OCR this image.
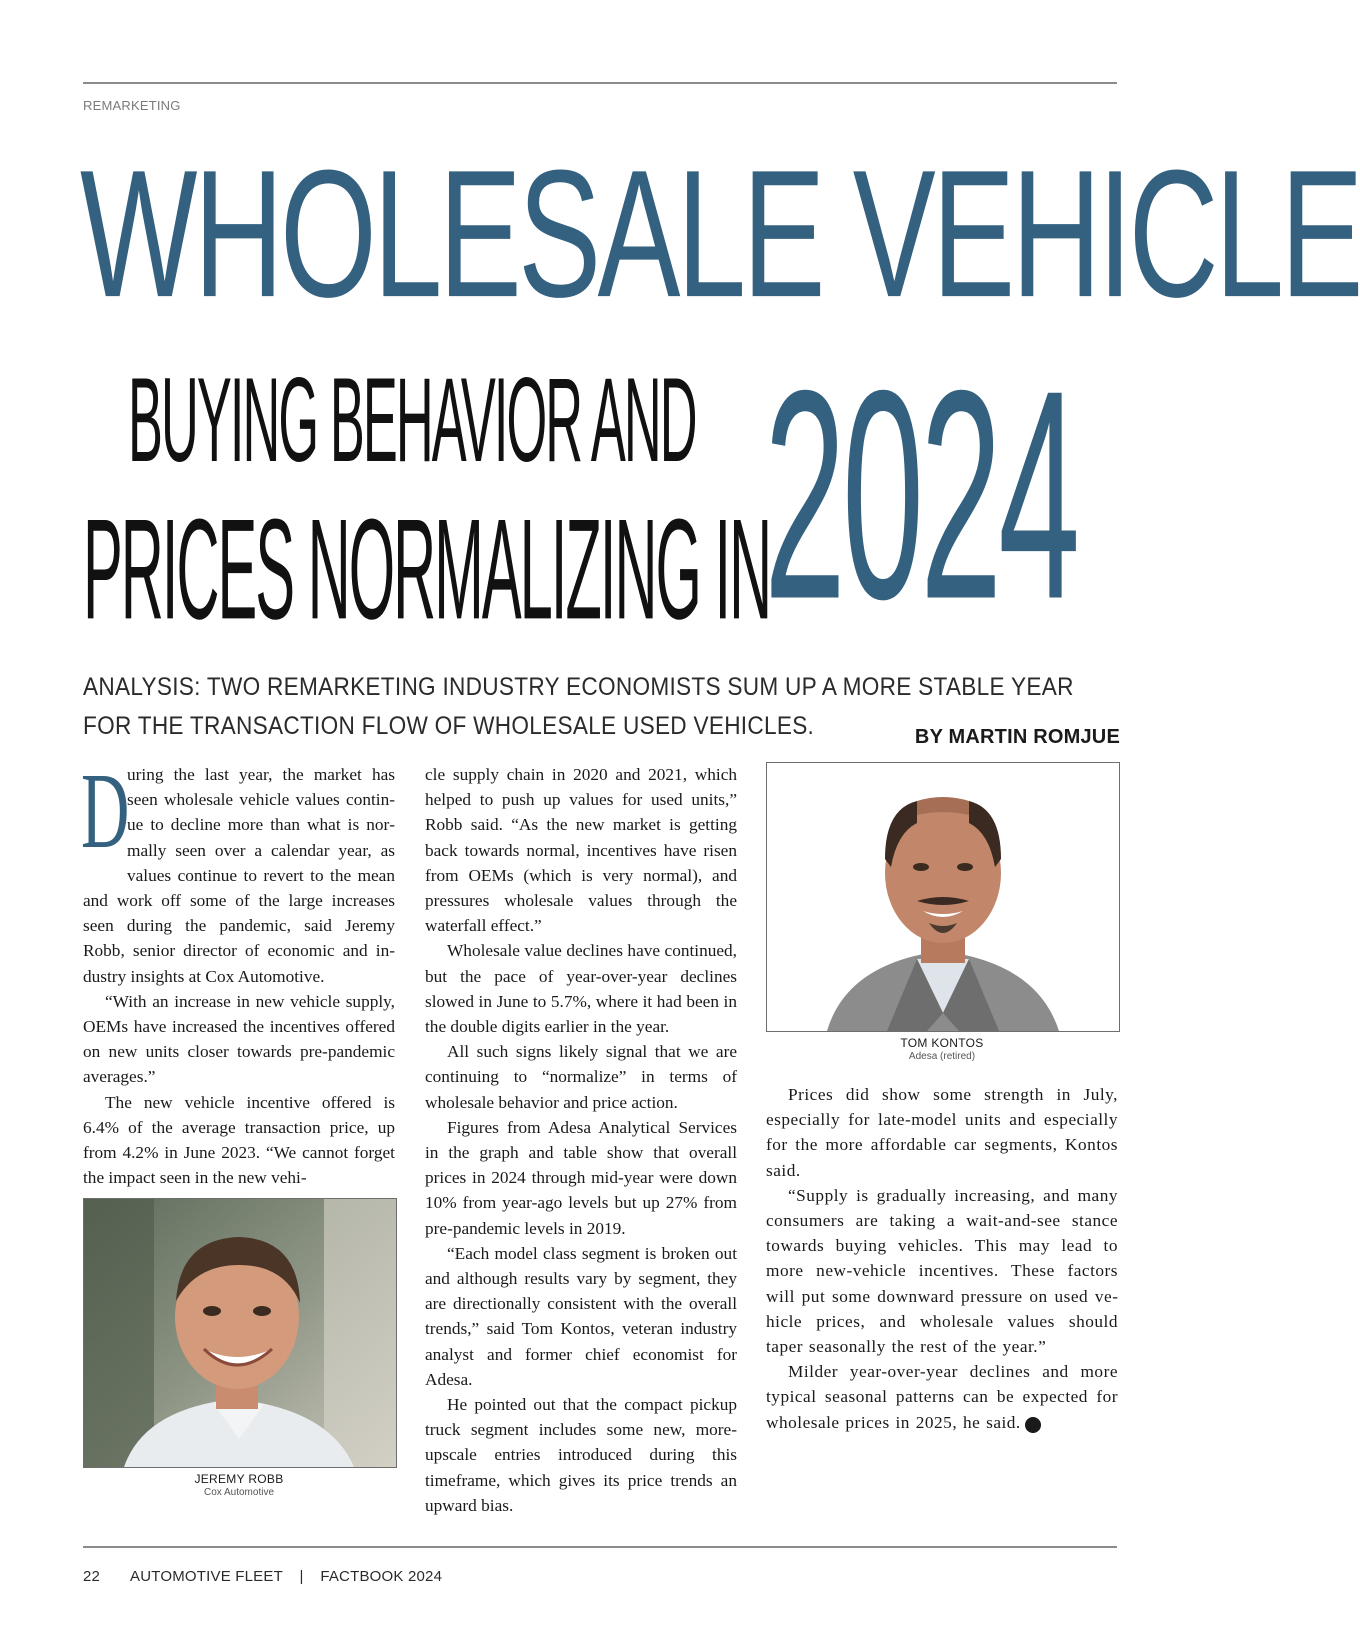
REMARKETING
WHOLESALE VEHICLE
BUYING BEHAVIOR AND
PRICES NORMALIZING IN
2024
ANALYSIS: TWO REMARKETING INDUSTRY ECONOMISTS SUM UP A MORE STABLE YEAR
FOR THE TRANSACTION FLOW OF WHOLESALE USED VEHICLES.	BY MARTIN ROMJUE

D
uring the last year, the market has seen wholesale vehicle values continue to decline more than what is normally seen over a calendar year, as values continue to revert to the mean and work off some of the large increases seen during the pandemic, said Jeremy Robb, senior director of economic and industry insights at Cox Automotive.

“With an increase in new vehicle supply, OEMs have increased the incentives offered on new units closer towards pre-pandemic averages.”

The new vehicle incentive offered is 6.4% of the average transaction price, up from 4.2% in June 2023. “We cannot forget the impact seen in the new vehi-

JEREMY ROBB
Cox Automotive

cle supply chain in 2020 and 2021, which helped to push up values for used units,” Robb said. “As the new market is getting back towards normal, incentives have risen from OEMs (which is very normal), and pressures wholesale values through the waterfall effect.”

Wholesale value declines have continued, but the pace of year-over-year declines slowed in June to 5.7%, where it had been in the double digits earlier in the year.

All such signs likely signal that we are continuing to “normalize” in terms of wholesale behavior and price action.

Figures from Adesa Analytical Services in the graph and table show that overall prices in 2024 through mid-year were down 10% from year-ago levels but up 27% from pre-pandemic levels in 2019.

“Each model class segment is broken out and although results vary by segment, they are directionally consistent with the overall trends,” said Tom Kontos, veteran industry analyst and former chief economist for Adesa.

He pointed out that the compact pickup truck segment includes some new, more-upscale entries introduced during this timeframe, which gives its price trends an upward bias.

TOM KONTOS
Adesa (retired)

Prices did show some strength in July, especially for late-model units and especially for the more affordable car segments, Kontos said.

“Supply is gradually increasing, and many consumers are taking a wait-and-see stance towards buying vehicles. This may lead to more new-vehicle incentives. These factors will put some downward pressure on used vehicle prices, and wholesale values should taper seasonally the rest of the year.”

Milder year-over-year declines and more typical seasonal patterns can be expected for wholesale prices in 2025, he said.	AF

22 AUTOMOTIVE FLEET | FACTBOOK 2024
